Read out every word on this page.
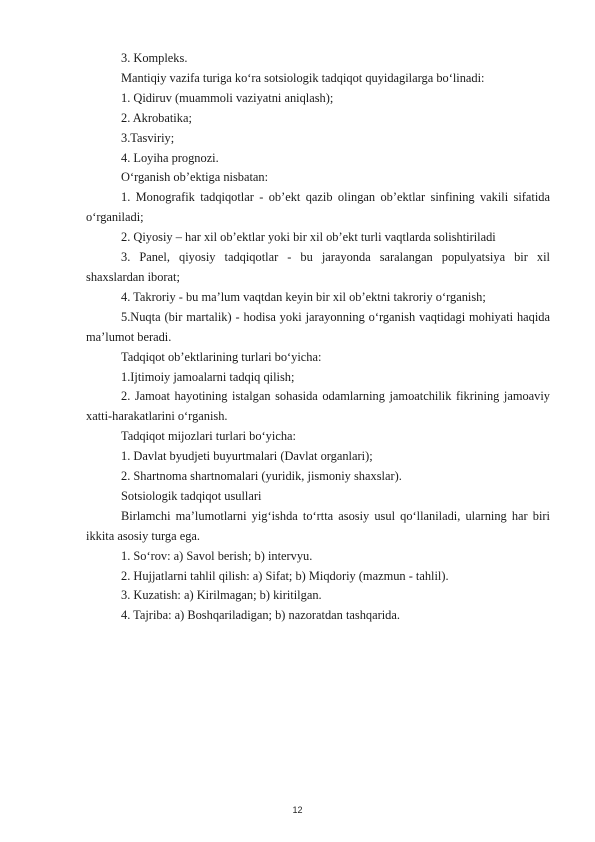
3. Kompleks.

Mantiqiy vazifa turiga ko‘ra sotsiologik tadqiqot quyidagilarga bo‘linadi:

1. Qidiruv (muammoli vaziyatni aniqlash);

2. Akrobatika;

3.Tasviriy;

4. Loyiha prognozi.

O‘rganish ob’ektiga nisbatan:

1. Monografik tadqiqotlar - ob’ekt qazib olingan ob’ektlar sinfining vakili sifatida o‘rganiladi;

2. Qiyosiy – har xil ob’ektlar yoki bir xil ob’ekt turli vaqtlarda solishtiriladi

3. Panel, qiyosiy tadqiqotlar - bu jarayonda saralangan populyatsiya bir xil shaxslardan iborat;

4. Takroriy - bu ma’lum vaqtdan keyin bir xil ob’ektni takroriy o‘rganish;

5.Nuqta (bir martalik) - hodisa yoki jarayonning o‘rganish vaqtidagi mohiyati haqida ma’lumot beradi.

Tadqiqot ob’ektlarining turlari bo‘yicha:

1.Ijtimoiy jamoalarni tadqiq qilish;

2. Jamoat hayotining istalgan sohasida odamlarning jamoatchilik fikrining jamoaviy xatti-harakatlarini o‘rganish.

Tadqiqot mijozlari turlari bo‘yicha:

1. Davlat byudjeti buyurtmalari (Davlat organlari);

2. Shartnoma shartnomalari (yuridik, jismoniy shaxslar).

Sotsiologik tadqiqot usullari

Birlamchi ma’lumotlarni yig‘ishda to‘rtta asosiy usul qo‘llaniladi, ularning har biri ikkita asosiy turga ega.

1. So‘rov: a) Savol berish; b) intervyu.

2. Hujjatlarni tahlil qilish: a) Sifat; b) Miqdoriy (mazmun - tahlil).

3. Kuzatish: a) Kirilmagan; b) kiritilgan.

4. Tajriba: a) Boshqariladigan; b) nazoratdan tashqarida.

12
